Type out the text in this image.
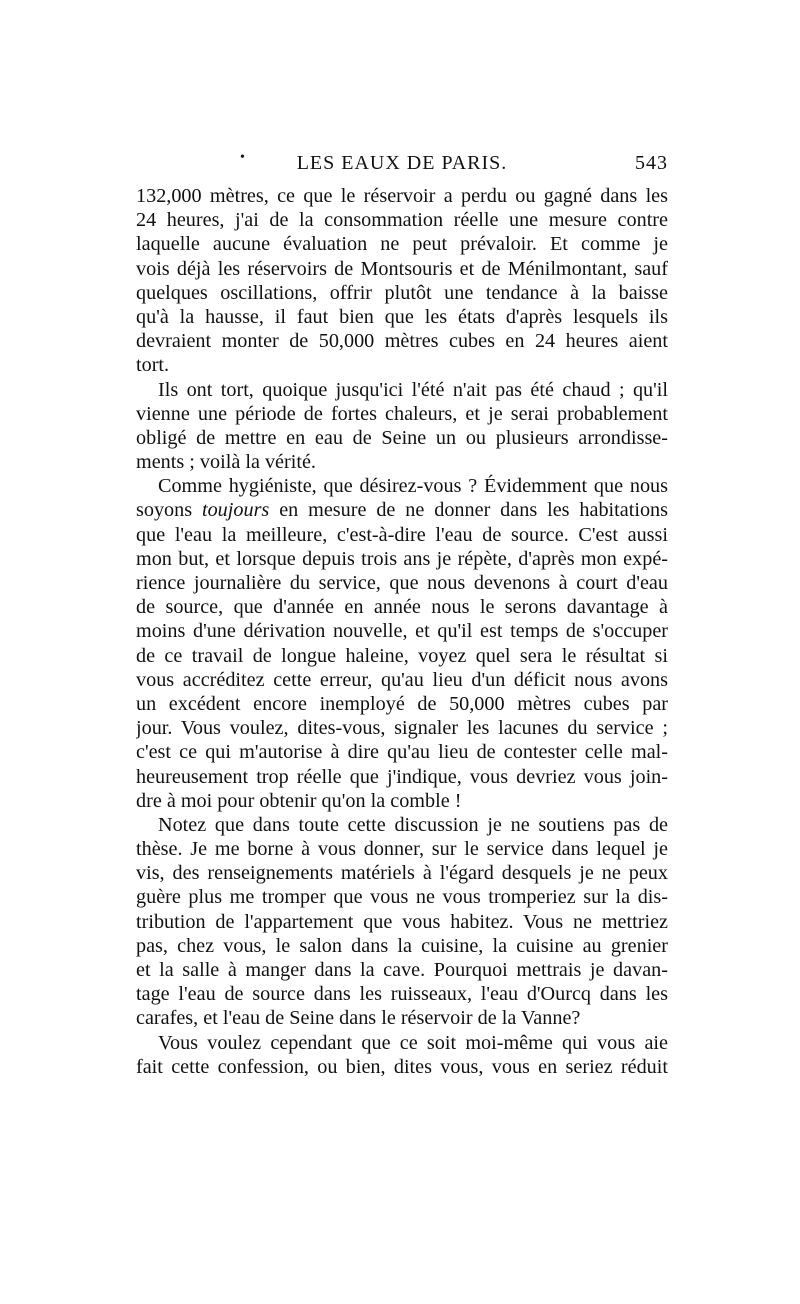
•	LES EAUX DE PARIS.	543
132,000 mètres, ce que le réservoir a perdu ou gagné dans les
24 heures, j'ai de la consommation réelle une mesure contre
laquelle aucune évaluation ne peut prévaloir. Et comme je
vois déjà les réservoirs de Montsouris et de Ménilmontant, sauf
quelques oscillations, offrir plutôt une tendance à la baisse
qu'à la hausse, il faut bien que les états d'après lesquels ils
devraient monter de 50,000 mètres cubes en 24 heures aient
tort.
Ils ont tort, quoique jusqu'ici l'été n'ait pas été chaud ; qu'il
vienne une période de fortes chaleurs, et je serai probablement
obligé de mettre en eau de Seine un ou plusieurs arrondisse-
ments ; voilà la vérité.
Comme hygiéniste, que désirez-vous ? Évidemment que nous
soyons toujours en mesure de ne donner dans les habitations
que l'eau la meilleure, c'est-à-dire l'eau de source. C'est aussi
mon but, et lorsque depuis trois ans je répète, d'après mon expé-
rience journalière du service, que nous devenons à court d'eau
de source, que d'année en année nous le serons davantage à
moins d'une dérivation nouvelle, et qu'il est temps de s'occuper
de ce travail de longue haleine, voyez quel sera le résultat si
vous accréditez cette erreur, qu'au lieu d'un déficit nous avons
un excédent encore inemployé de 50,000 mètres cubes par
jour. Vous voulez, dites-vous, signaler les lacunes du service ;
c'est ce qui m'autorise à dire qu'au lieu de contester celle mal-
heureusement trop réelle que j'indique, vous devriez vous join-
dre à moi pour obtenir qu'on la comble !
Notez que dans toute cette discussion je ne soutiens pas de
thèse. Je me borne à vous donner, sur le service dans lequel je
vis, des renseignements matériels à l'égard desquels je ne peux
guère plus me tromper que vous ne vous tromperiez sur la dis-
tribution de l'appartement que vous habitez. Vous ne mettriez
pas, chez vous, le salon dans la cuisine, la cuisine au grenier
et la salle à manger dans la cave. Pourquoi mettrais je davan-
tage l'eau de source dans les ruisseaux, l'eau d'Ourcq dans les
carafes, et l'eau de Seine dans le réservoir de la Vanne?
Vous voulez cependant que ce soit moi-même qui vous aie
fait cette confession, ou bien, dites vous, vous en seriez réduit
